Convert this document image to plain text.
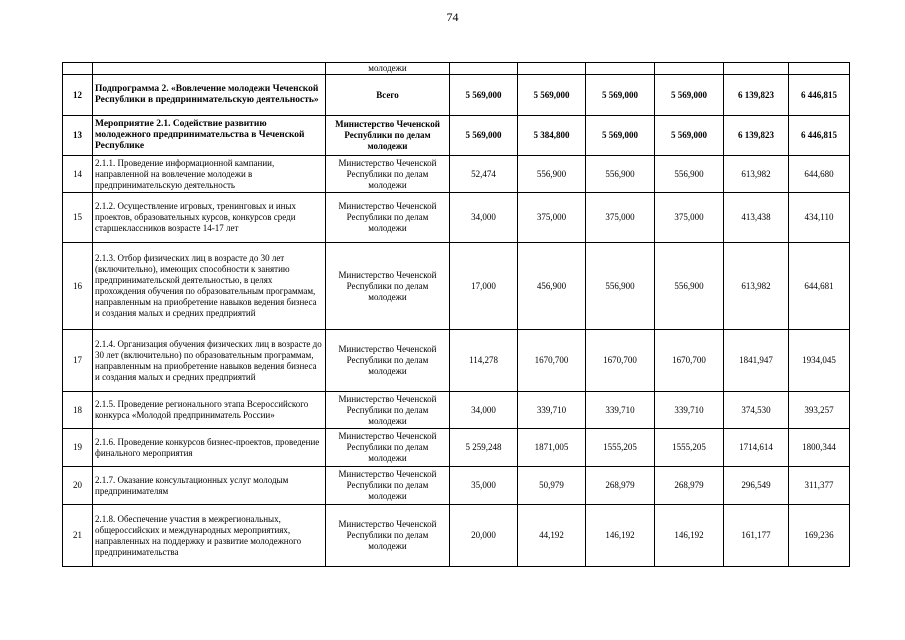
74
		молодежи						
12	Подпрограмма 2. «Вовлечение молодежи Чеченской Республики в предпринимательскую деятельность»	Всего	5 569,000	5 569,000	5 569,000	5 569,000	6 139,823	6 446,815
13	Мероприятие 2.1. Содействие развитию молодежного предпринимательства в Чеченской Республике	Министерство Чеченской Республики по делам молодежи	5 569,000	5 384,800	5 569,000	5 569,000	6 139,823	6 446,815
14	2.1.1. Проведение информационной кампании, направленной на вовлечение молодежи в предпринимательскую деятельность	Министерство Чеченской Республики по делам молодежи	52,474	556,900	556,900	556,900	613,982	644,680
15	2.1.2. Осуществление игровых, тренинговых и иных проектов, образовательных курсов, конкурсов среди старшеклассников возрасте 14-17 лет	Министерство Чеченской Республики по делам молодежи	34,000	375,000	375,000	375,000	413,438	434,110
16	2.1.3. Отбор физических лиц в возрасте до 30 лет (включительно), имеющих способности к занятию предпринимательской деятельностью, в целях прохождения обучения по образовательным программам, направленным на приобретение навыков ведения бизнеса и создания малых и средних предприятий	Министерство Чеченской Республики по делам молодежи	17,000	456,900	556,900	556,900	613,982	644,681
17	2.1.4. Организация обучения физических лиц в возрасте до 30 лет (включительно) по образовательным программам, направленным на приобретение навыков ведения бизнеса и создания малых и средних предприятий	Министерство Чеченской Республики по делам молодежи	114,278	1670,700	1670,700	1670,700	1841,947	1934,045
18	2.1.5. Проведение регионального этапа Всероссийского конкурса «Молодой предприниматель России»	Министерство Чеченской Республики по делам молодежи	34,000	339,710	339,710	339,710	374,530	393,257
19	2.1.6. Проведение конкурсов бизнес-проектов, проведение финального мероприятия	Министерство Чеченской Республики по делам молодежи	5 259,248	1871,005	1555,205	1555,205	1714,614	1800,344
20	2.1.7. Оказание консультационных услуг молодым предпринимателям	Министерство Чеченской Республики по делам молодежи	35,000	50,979	268,979	268,979	296,549	311,377
21	2.1.8. Обеспечение участия в межрегиональных, общероссийских и международных мероприятиях, направленных на поддержку и развитие молодежного предпринимательства	Министерство Чеченской Республики по делам молодежи	20,000	44,192	146,192	146,192	161,177	169,236
